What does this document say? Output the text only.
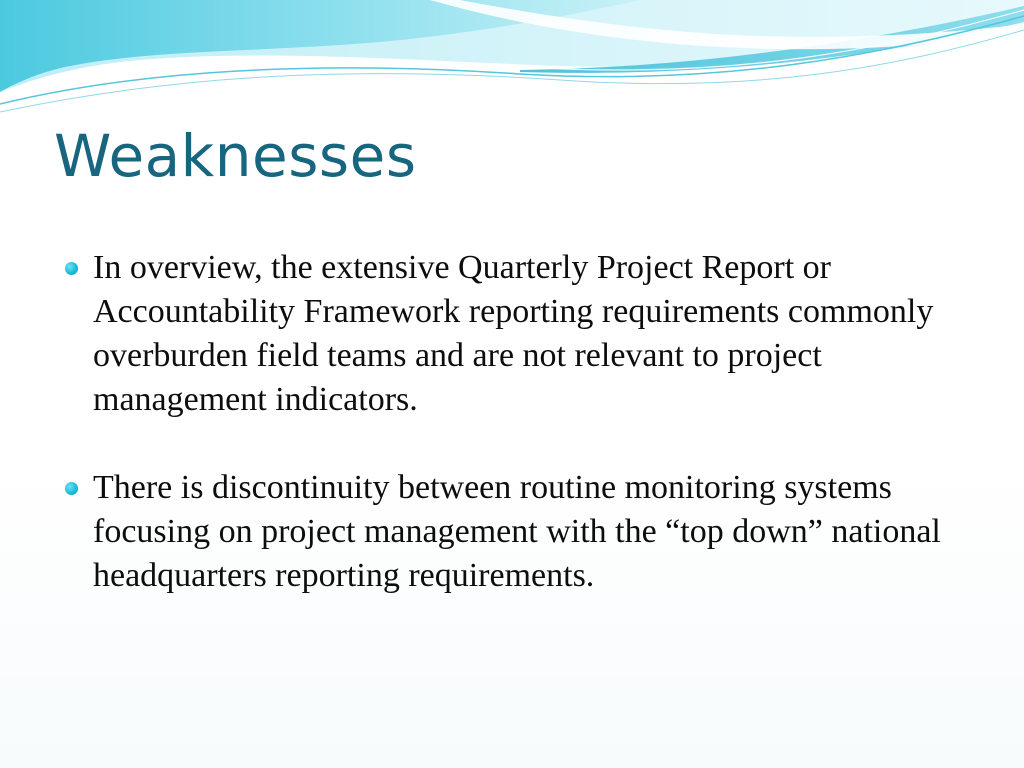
Weaknesses
In overview, the extensive Quarterly Project Report or Accountability Framework reporting requirements commonly overburden field teams and are not relevant to project management indicators.
There is discontinuity between routine monitoring systems focusing on project management with the “top down” national headquarters reporting requirements.
